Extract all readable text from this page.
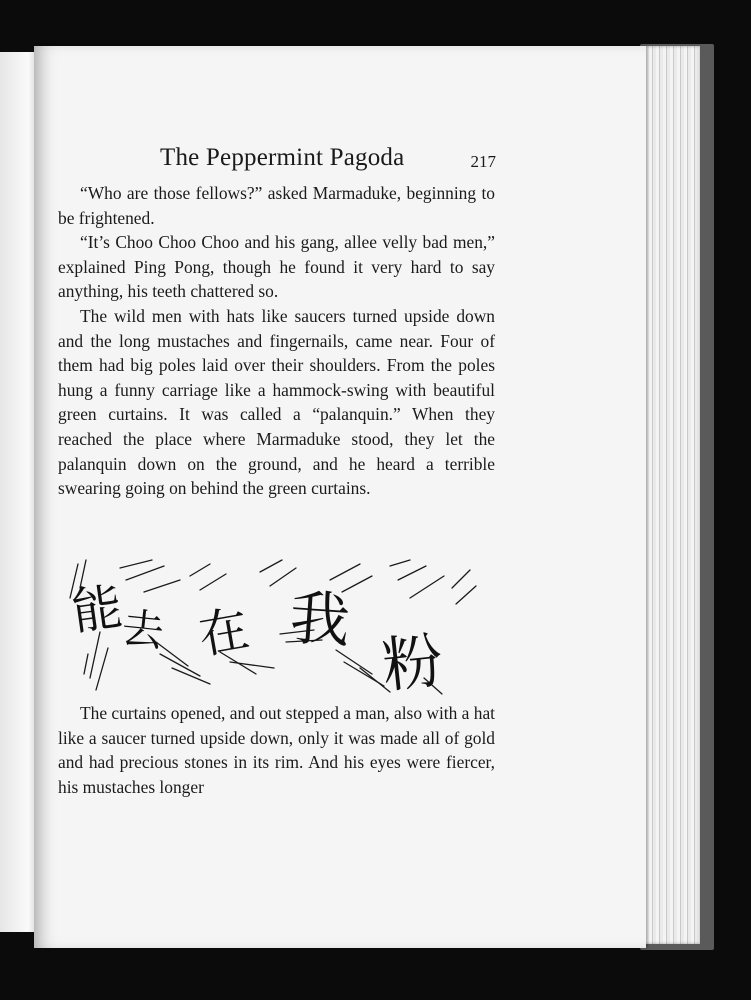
The Peppermint Pagoda	217

“Who are those fellows?” asked Marmaduke, beginning to be frightened.

“It’s Choo Choo Choo and his gang, allee velly bad men,” explained Ping Pong, though he found it very hard to say anything, his teeth chattered so.

The wild men with hats like saucers turned upside down and the long mustaches and fingernails, came near. Four of them had big poles laid over their shoulders. From the poles hung a funny carriage like a hammock-swing with beautiful green curtains. It was called a “palanquin.” When they reached the place where Marmaduke stood, they let the palanquin down on the ground, and he heard a terrible swearing going on behind the green curtains.

能
去 在 我
粉

The curtains opened, and out stepped a man, also with a hat like a saucer turned upside down, only it was made all of gold and had precious stones in its rim. And his eyes were fiercer, his mustaches longer
